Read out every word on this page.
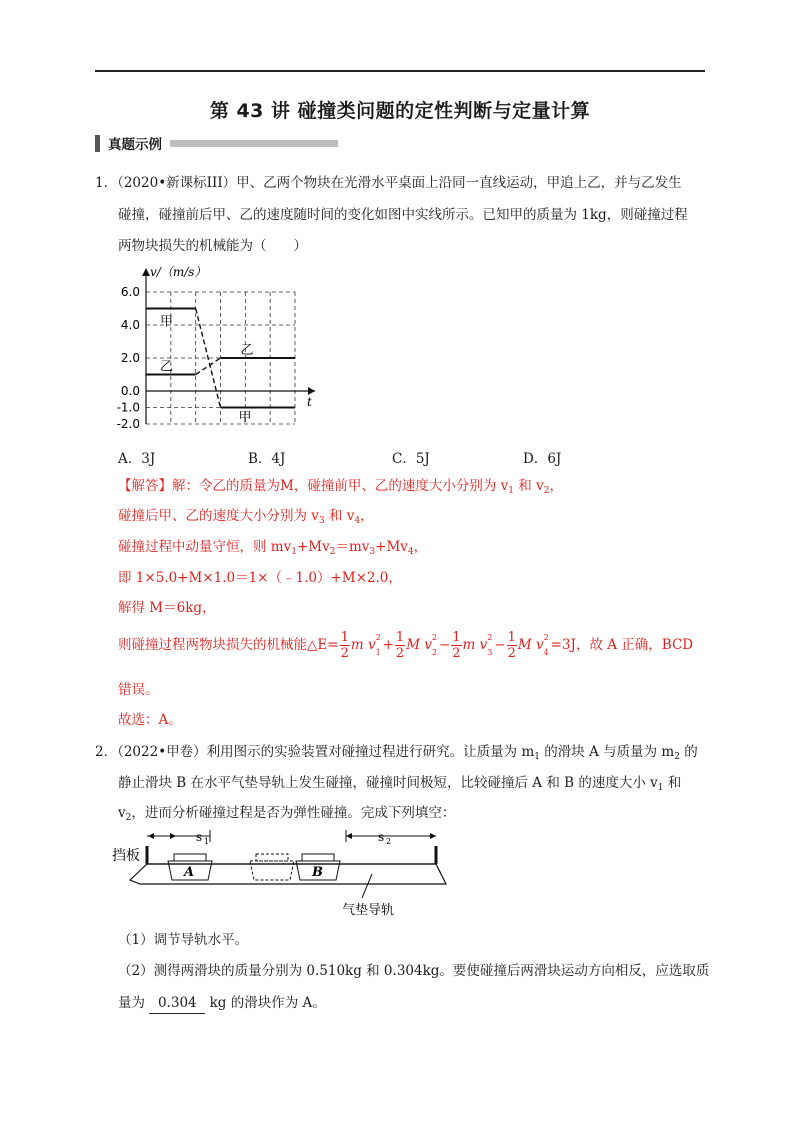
第 43 讲 碰撞类问题的定性判断与定量计算
真题示例
1．（2020•新课标III）甲、乙两个物块在光滑水平桌面上沿同一直线运动，甲追上乙，并与乙发生
碰撞，碰撞前后甲、乙的速度随时间的变化如图中实线所示。已知甲的质量为 1kg，则碰撞过程
两物块损失的机械能为（　　）
v/（m/s）
t
6.0
4.0
2.0
0.0
-1.0
-2.0
甲
乙
乙
甲
A．3J	B．4J	C．5J	D．6J
【解答】解：令乙的质量为M，碰撞前甲、乙的速度大小分别为 $v_1$ 和 $v_2$，
碰撞后甲、乙的速度大小分别为 $v_3$ 和 $v_4$，
碰撞过程中动量守恒，则 $mv_1+Mv_2=mv_3+Mv_4$，
即 1×5.0+M×1.0＝1×（﹣1.0）+M×2.0，
解得 M＝6kg，
则碰撞过程两物块损失的机械能△E= $\frac{1}{2}$ m v 2
$1 + \frac{1}{2}$ M v 2
$2 - \frac{1}{2}$ m v 2
$3 - \frac{1}{2}$ M v 2
4 =3J，故 A 正确，BCD
错误。
故选：A。
2．（2022•甲卷）利用图示的实验装置对碰撞过程进行研究。让质量为 $m_1$ 的滑块 A 与质量为 $m_2$ 的
静止滑块 B 在水平气垫导轨上发生碰撞，碰撞时间极短，比较碰撞后 A 和 B 的速度大小 $v_1$ 和
$v_2$，进而分析碰撞过程是否为弹性碰撞。完成下列填空：
挡板
s 1	s 2
A	B
气垫导轨
（1）调节导轨水平。
（2）测得两滑块的质量分别为 0.510kg 和 0.304kg。要使碰撞后两滑块运动方向相反，应选取质
量为 0.304 kg 的滑块作为 A。
